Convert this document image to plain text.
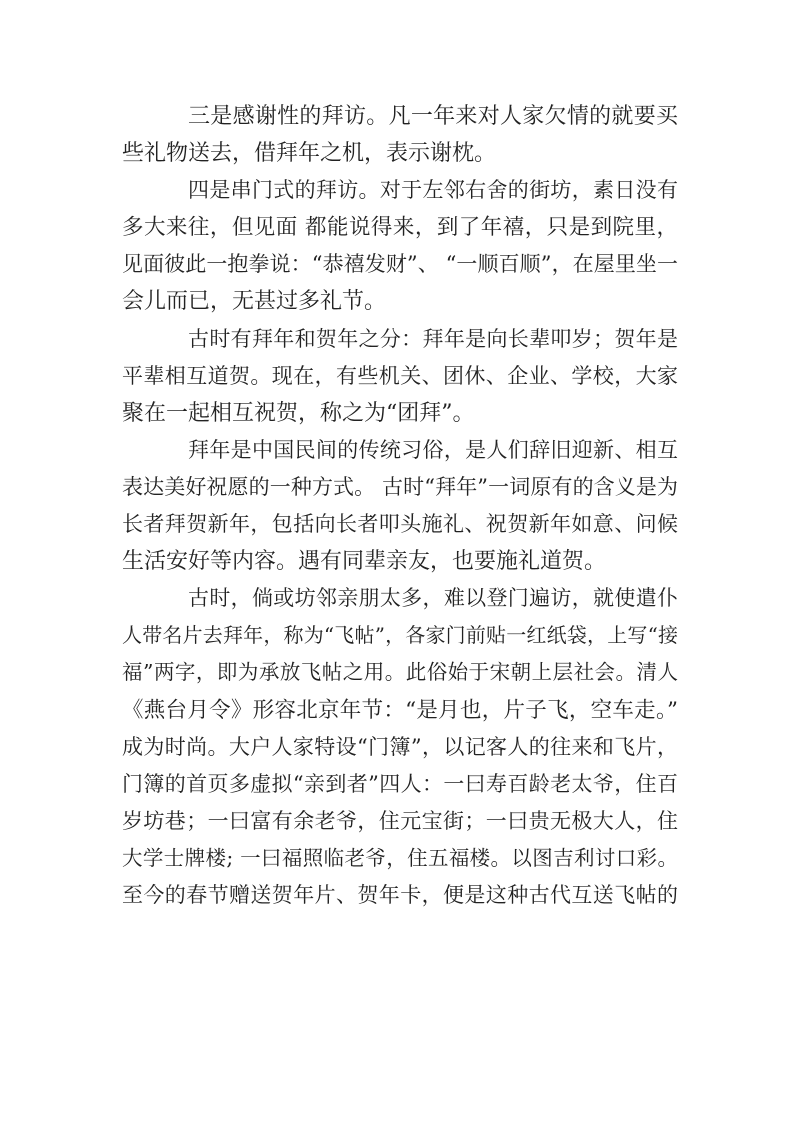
三是感谢性的拜访。凡一年来对人家欠情的就要买
些礼物送去，借拜年之机，表示谢枕。
四是串门式的拜访。对于左邻右舍的街坊，素日没有
多大来往，但见面 都能说得来，到了年禧，只是到院里，
见面彼此一抱拳说：“恭禧发财”、 “一顺百顺”，在屋里坐一
会儿而已，无甚过多礼节。
古时有拜年和贺年之分：拜年是向长辈叩岁；贺年是
平辈相互道贺。现在，有些机关、团休、企业、学校，大家
聚在一起相互祝贺，称之为“团拜”。
拜年是中国民间的传统习俗，是人们辞旧迎新、相互
表达美好祝愿的一种方式。 古时“拜年”一词原有的含义是为
长者拜贺新年，包括向长者叩头施礼、祝贺新年如意、问候
生活安好等内容。遇有同辈亲友，也要施礼道贺。
古时，倘或坊邻亲朋太多，难以登门遍访，就使遣仆
人带名片去拜年，称为“飞帖”，各家门前贴一红纸袋，上写“接
福”两字，即为承放飞帖之用。此俗始于宋朝上层社会。清人
《燕台月令》形容北京年节：“是月也，片子飞，空车走。”
成为时尚。大户人家特设“门簿”，以记客人的往来和飞片，
门簿的首页多虚拟“亲到者”四人：一曰寿百龄老太爷，住百
岁坊巷；一曰富有余老爷，住元宝街；一曰贵无极大人，住
大学士牌楼; 一曰福照临老爷，住五福楼。以图吉利讨口彩。
至今的春节赠送贺年片、贺年卡，便是这种古代互送飞帖的
